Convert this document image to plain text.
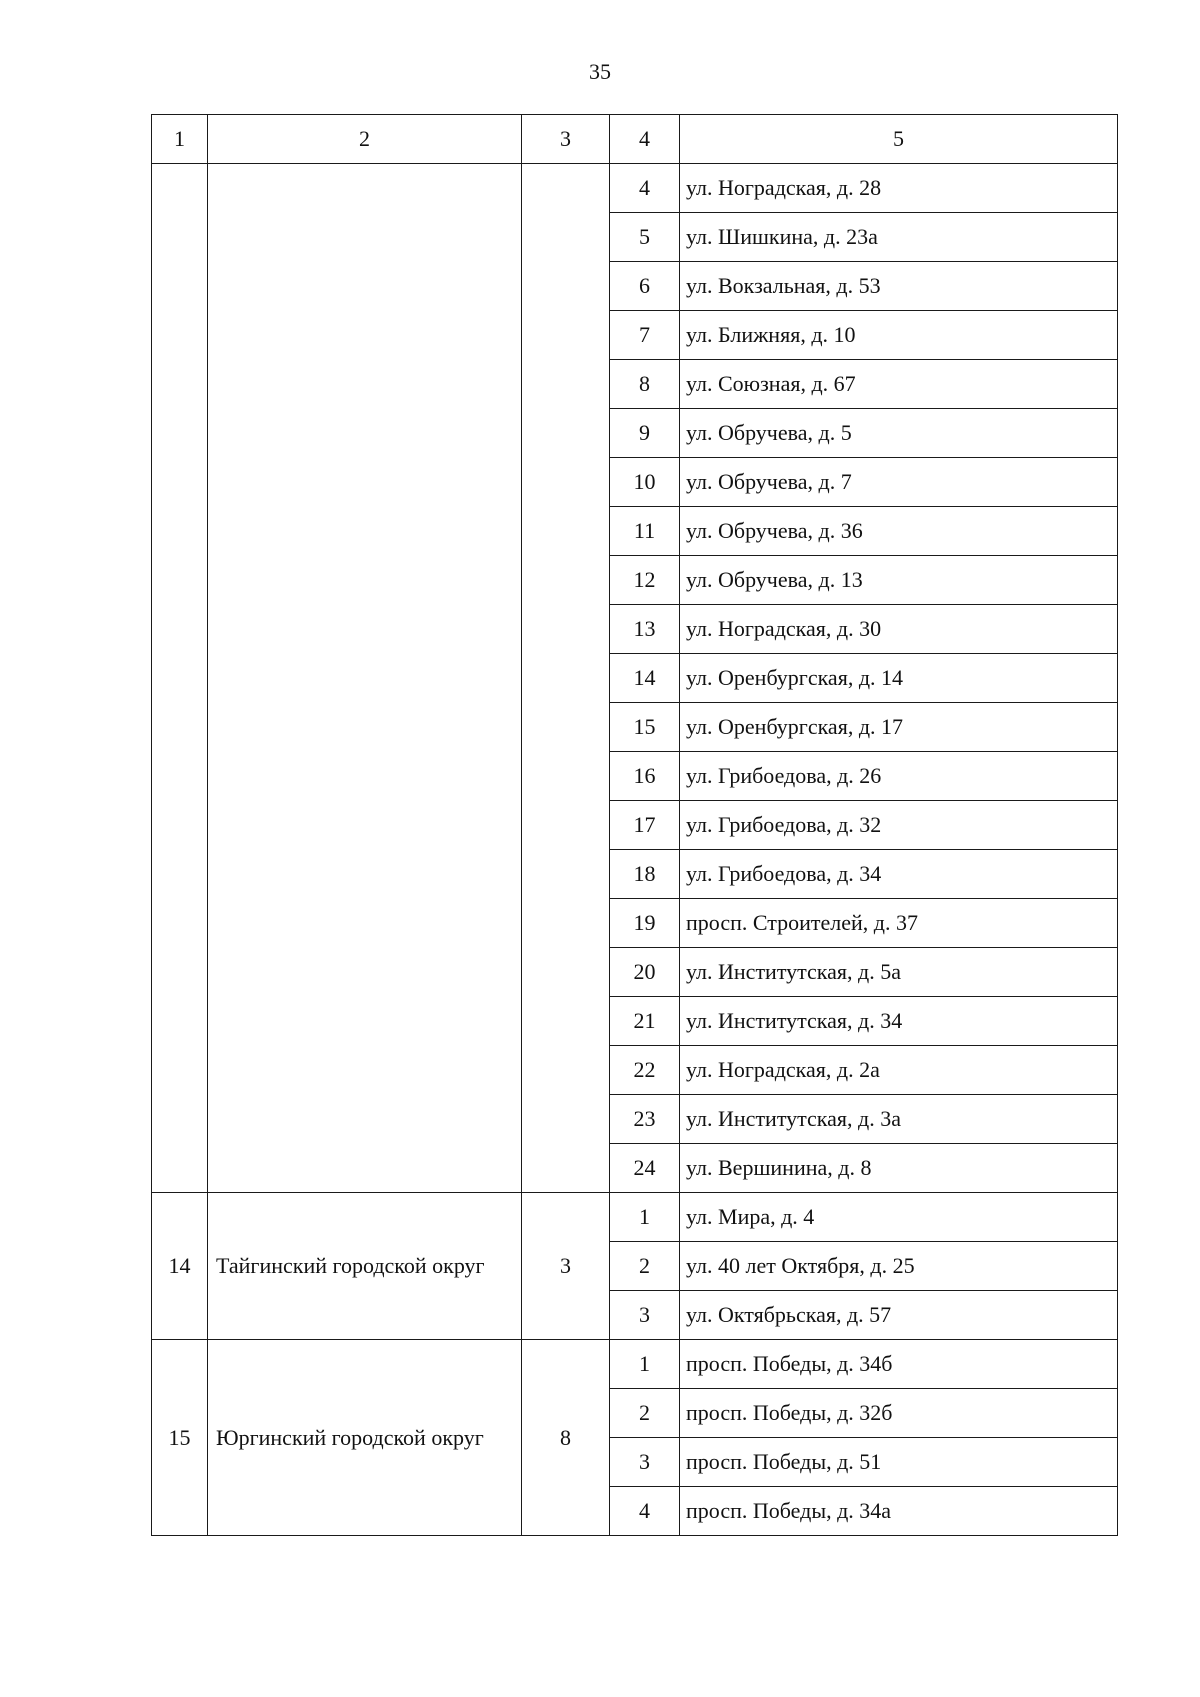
35
1	2	3	4	5
			4	ул. Ноградская, д. 28
			5	ул. Шишкина, д. 23а
			6	ул. Вокзальная, д. 53
			7	ул. Ближняя, д. 10
			8	ул. Союзная, д. 67
			9	ул. Обручева, д. 5
			10	ул. Обручева, д. 7
			11	ул. Обручева, д. 36
			12	ул. Обручева, д. 13
			13	ул. Ноградская, д. 30
			14	ул. Оренбургская, д. 14
			15	ул. Оренбургская, д. 17
			16	ул. Грибоедова, д. 26
			17	ул. Грибоедова, д. 32
			18	ул. Грибоедова, д. 34
			19	просп. Строителей, д. 37
			20	ул. Институтская, д. 5а
			21	ул. Институтская, д. 34
			22	ул. Ноградская, д. 2а
			23	ул. Институтская, д. 3а
			24	ул. Вершинина, д. 8
14	Тайгинский городской округ	3	1	ул. Мира, д. 4
			2	ул. 40 лет Октября, д. 25
			3	ул. Октябрьская, д. 57
15	Юргинский городской округ	8	1	просп. Победы, д. 34б
			2	просп. Победы, д. 32б
			3	просп. Победы, д. 51
			4	просп. Победы, д. 34а
